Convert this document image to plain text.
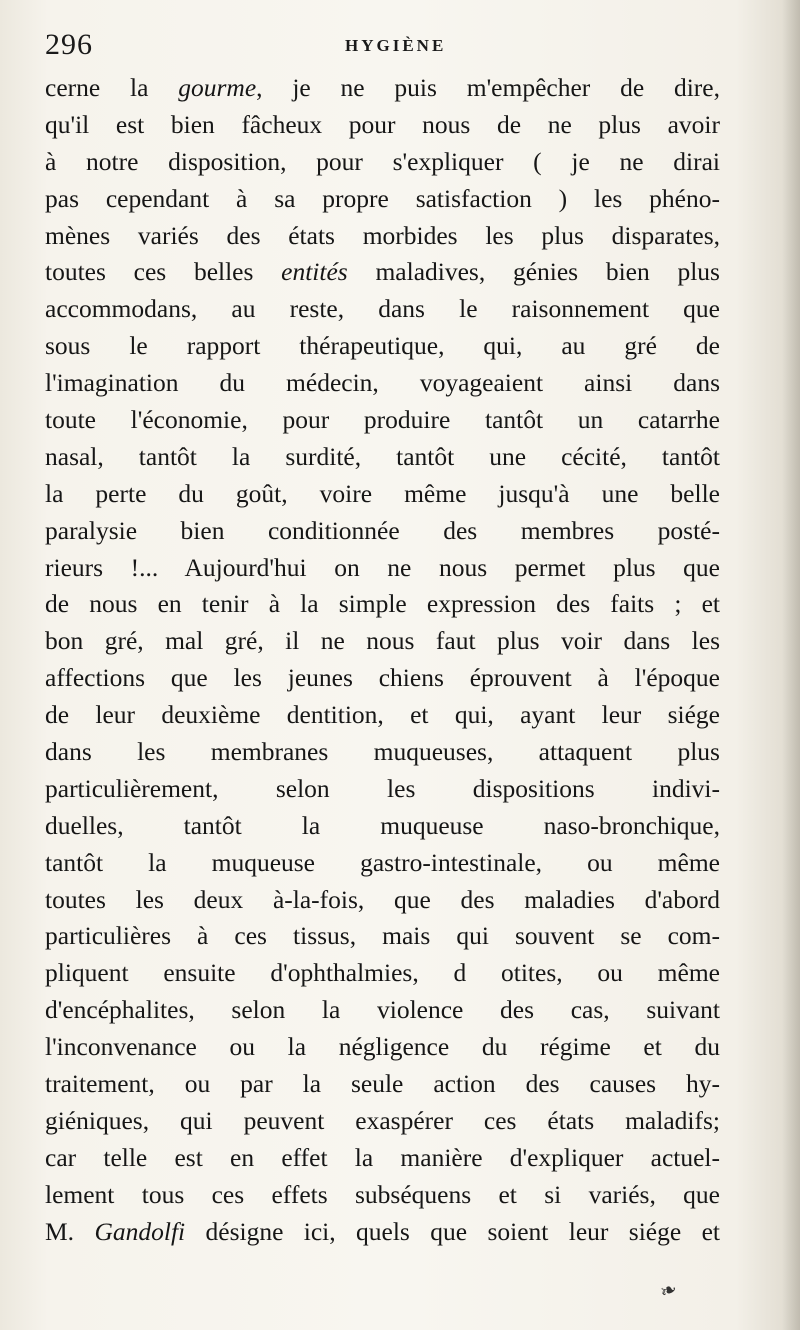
296	HYGIÈNE
cerne la gourme, je ne puis m'empêcher de dire,
qu'il est bien fâcheux pour nous de ne plus avoir
à notre disposition, pour s'expliquer ( je ne dirai
pas cependant à sa propre satisfaction ) les phéno-
mènes variés des états morbides les plus disparates,
toutes ces belles entités maladives, génies bien plus
accommodans, au reste, dans le raisonnement que
sous le rapport thérapeutique, qui, au gré de
l'imagination du médecin, voyageaient ainsi dans
toute l'économie, pour produire tantôt un catarrhe
nasal, tantôt la surdité, tantôt une cécité, tantôt
la perte du goût, voire même jusqu'à une belle
paralysie bien conditionnée des membres posté-
rieurs !... Aujourd'hui on ne nous permet plus que
de nous en tenir à la simple expression des faits ; et
bon gré, mal gré, il ne nous faut plus voir dans les
affections que les jeunes chiens éprouvent à l'époque
de leur deuxième dentition, et qui, ayant leur siége
dans les membranes muqueuses, attaquent plus
particulièrement, selon les dispositions indivi-
duelles, tantôt la muqueuse naso-bronchique,
tantôt la muqueuse gastro-intestinale, ou même
toutes les deux à-la-fois, que des maladies d'abord
particulières à ces tissus, mais qui souvent se com-
pliquent ensuite d'ophthalmies, d otites, ou même
d'encéphalites, selon la violence des cas, suivant
l'inconvenance ou la négligence du régime et du
traitement, ou par la seule action des causes hy-
giéniques, qui peuvent exaspérer ces états maladifs;
car telle est en effet la manière d'expliquer actuel-
lement tous ces effets subséquens et si variés, que
M. Gandolfi désigne ici, quels que soient leur siége et
❧
